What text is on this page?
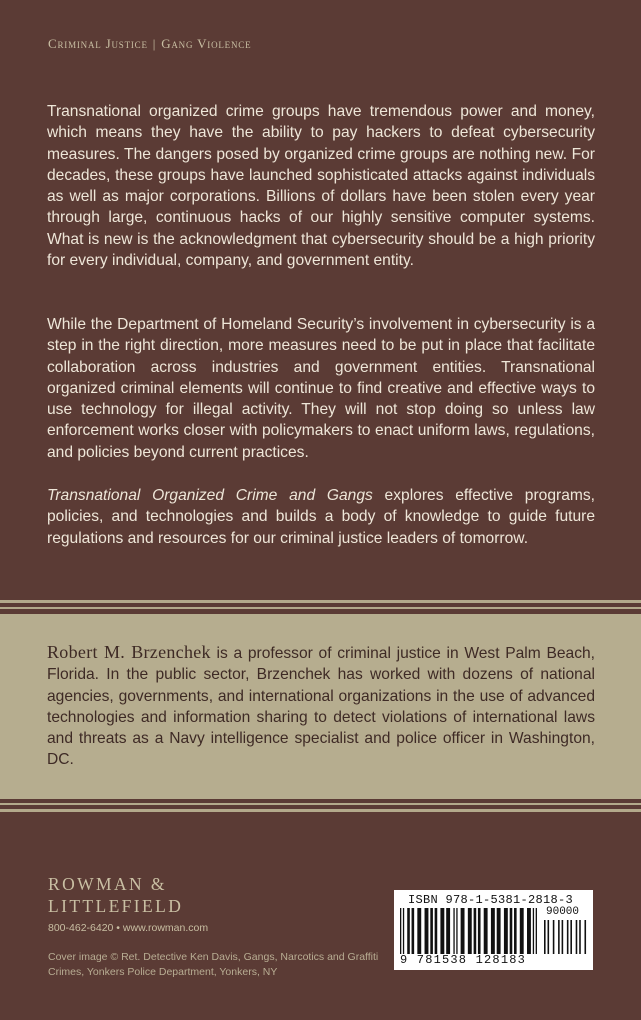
Criminal Justice | Gang Violence

Transnational organized crime groups have tremendous power and money, which means they have the ability to pay hackers to defeat cybersecurity measures. The dangers posed by organized crime groups are nothing new. For decades, these groups have launched sophisticated attacks against individuals as well as major corporations. Billions of dollars have been stolen every year through large, continuous hacks of our highly sensitive computer systems. What is new is the acknowledgment that cybersecurity should be a high priority for every individual, company, and government entity.

While the Department of Homeland Security’s involvement in cybersecurity is a step in the right direction, more measures need to be put in place that facilitate collaboration across industries and government entities. Transnational organized criminal elements will continue to find creative and effective ways to use technology for illegal activity. They will not stop doing so unless law enforcement works closer with policymakers to enact uniform laws, regulations, and policies beyond current practices.

Transnational Organized Crime and Gangs explores effective programs, policies, and technologies and builds a body of knowledge to guide future regulations and resources for our criminal justice leaders of tomorrow.

Robert M. Brzenchek is a professor of criminal justice in West Palm Beach, Florida. In the public sector, Brzenchek has worked with dozens of national agencies, governments, and international organizations in the use of advanced technologies and information sharing to detect violations of international laws and threats as a Navy intelligence specialist and police officer in Washington, DC.

ROWMAN &
LITTLEFIELD
800-462-6420 • www.rowman.com
Cover image © Ret. Detective Ken Davis, Gangs, Narcotics and Graffiti Crimes, Yonkers Police Department, Yonkers, NY
ISBN 978-1-5381-2818-3
90000
9 781538 128183
